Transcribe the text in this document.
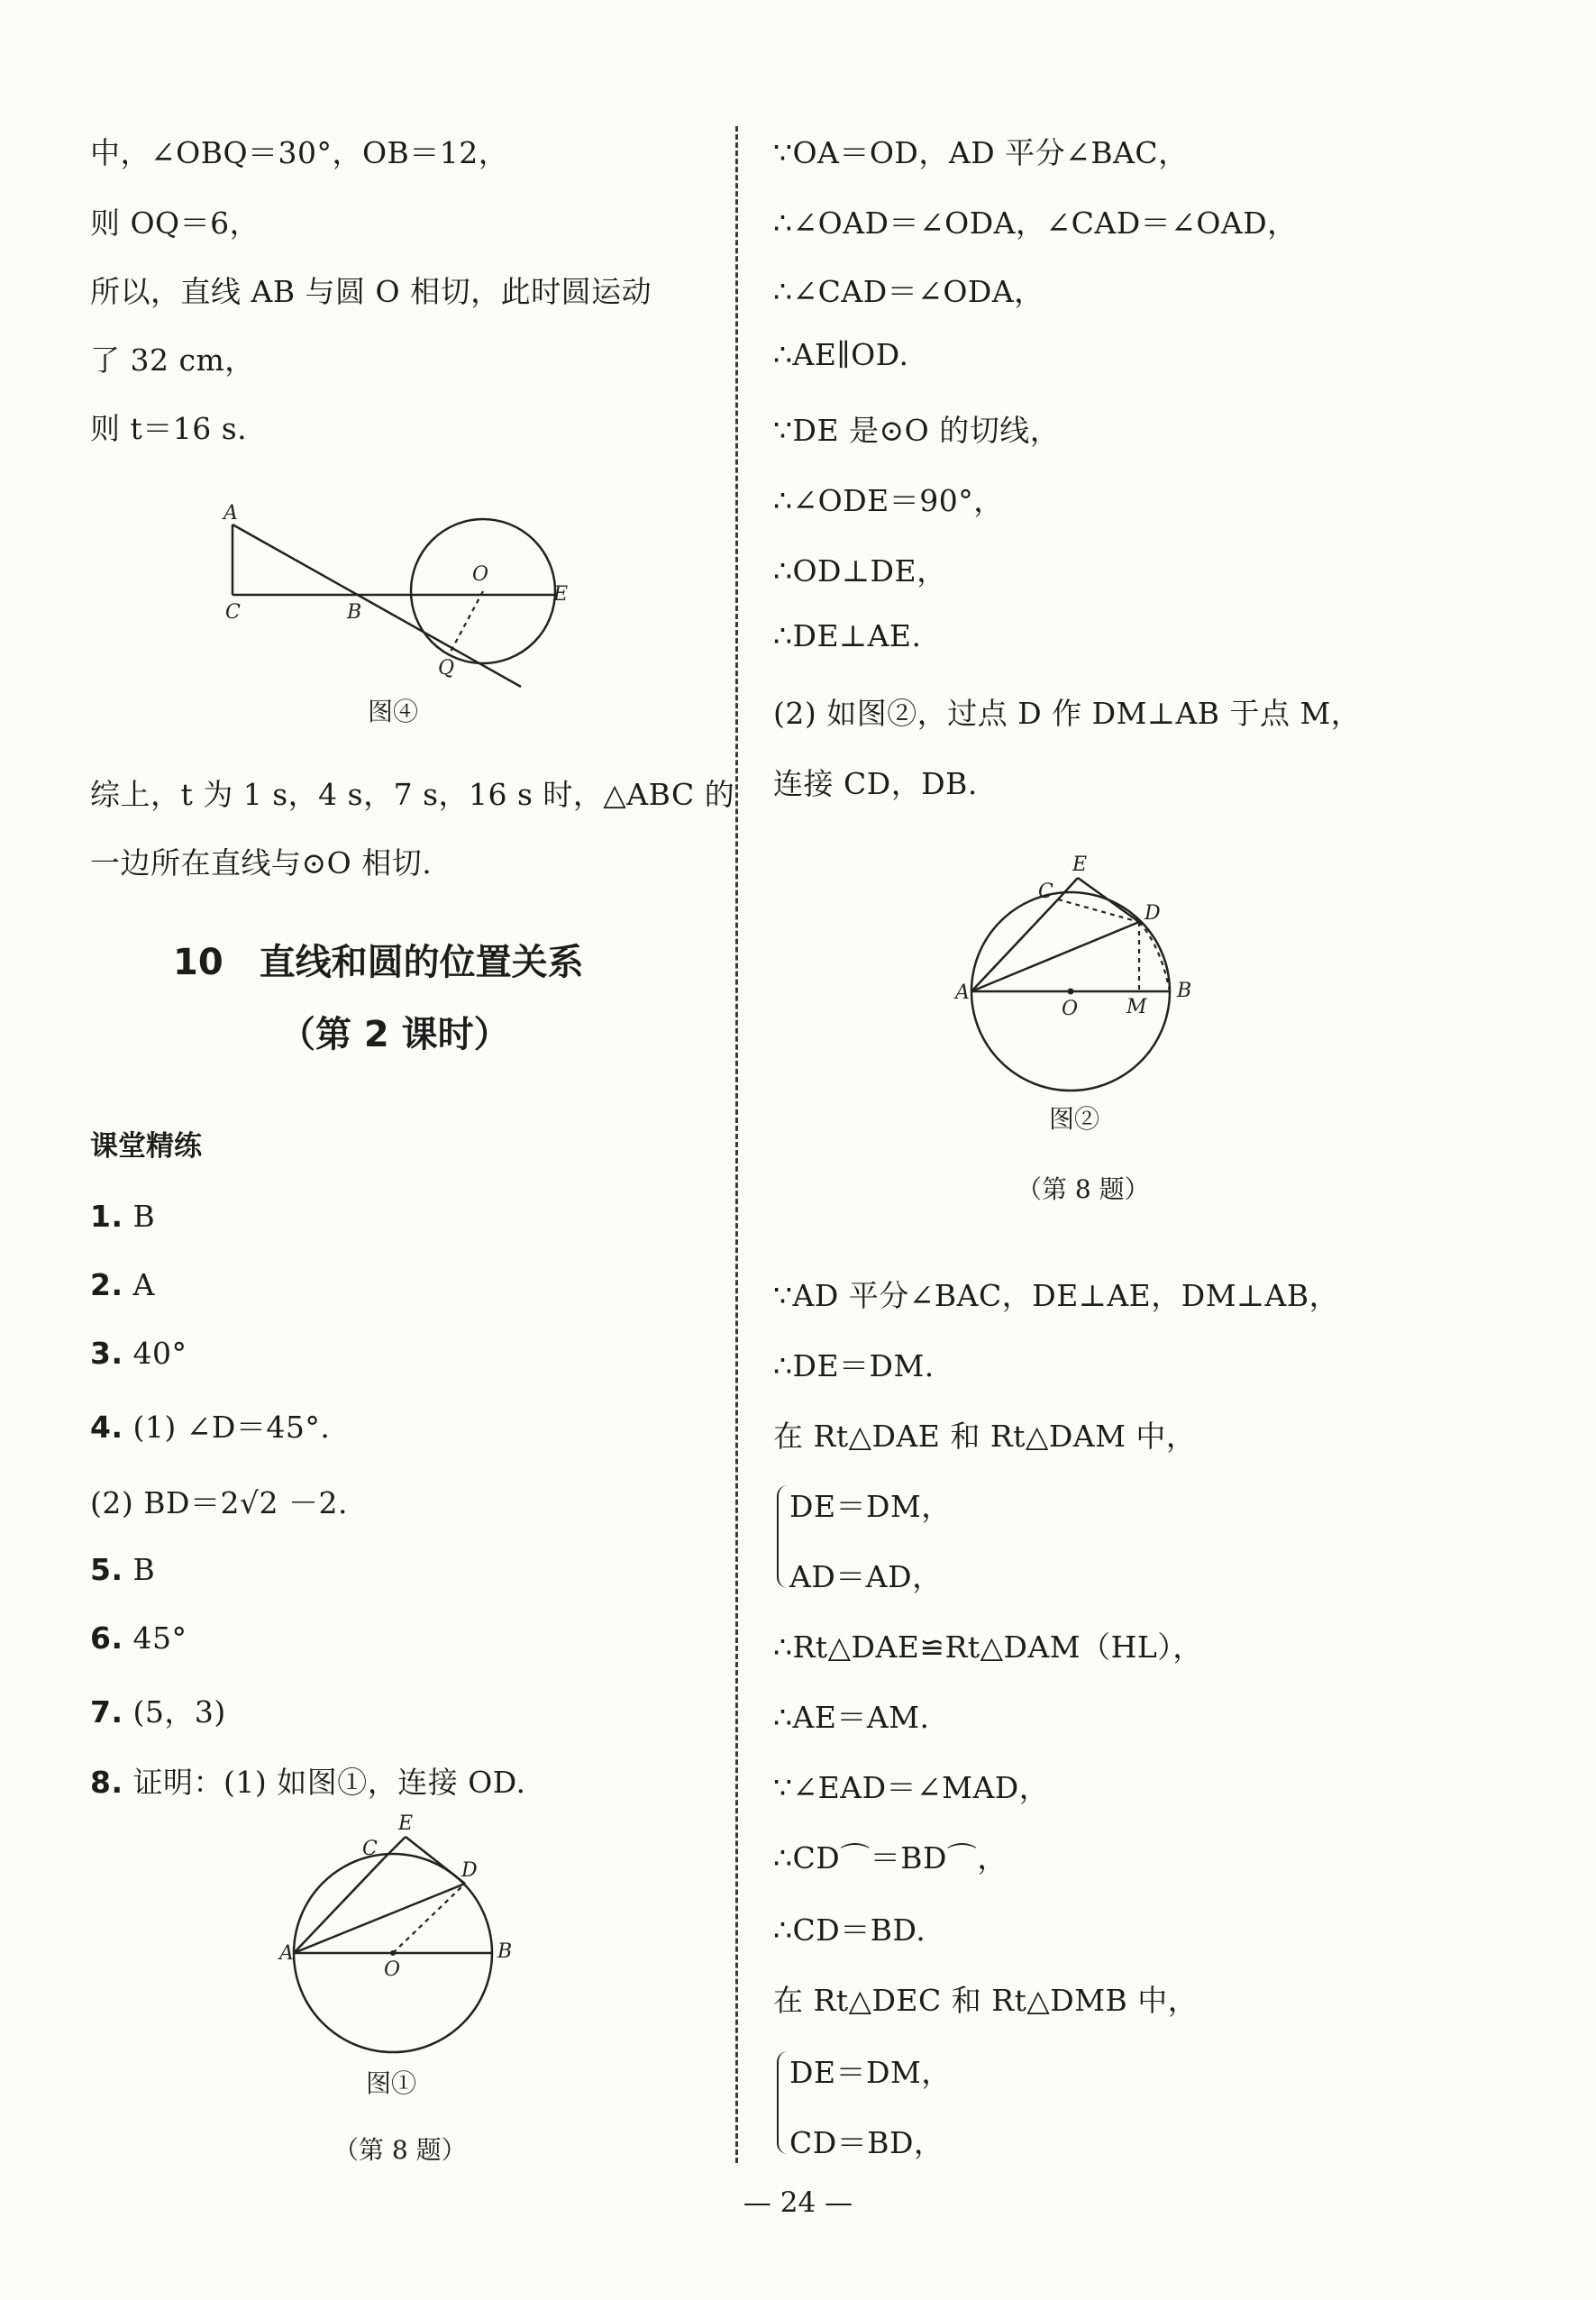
中，∠OBQ＝30°，OB＝12，
则 OQ＝6，
所以，直线 AB 与圆 O 相切，此时圆运动
了 32 cm，
则 t＝16 s.
A
C	B
O
E
Q
图④
综上，t 为 1 s，4 s，7 s，16 s 时，△ABC 的
一边所在直线与⊙O 相切.
10　直线和圆的位置关系
（第 2 课时）
课堂精练
1. B
2. A
3. 40°
4. (1) ∠D＝45°.
(2) BD＝2√2 －2.
5. B
6. 45°
7. (5，3)
8. 证明：(1) 如图①，连接 OD.
E
C
D
A
O
B
图①
（第 8 题）
∵OA＝OD，AD 平分∠BAC，
∴∠OAD＝∠ODA，∠CAD＝∠OAD，
∴∠CAD＝∠ODA，
∴AE∥OD.
∵DE 是⊙O 的切线，
∴∠ODE＝90°，
∴OD⊥DE，
∴DE⊥AE.
(2) 如图②，过点 D 作 DM⊥AB 于点 M，
连接 CD，DB.
E
C
D
A
O M
B
图②
（第 8 题）
∵AD 平分∠BAC，DE⊥AE，DM⊥AB，
∴DE＝DM.
在 Rt△DAE 和 Rt△DAM 中，
DE＝DM，
AD＝AD，
∴Rt△DAE≌Rt△DAM（HL），
∴AE＝AM.
∵∠EAD＝∠MAD，
∴CD⌒＝BD⌒，
∴CD＝BD.
在 Rt△DEC 和 Rt△DMB 中，
DE＝DM，
CD＝BD，
— 24 —
